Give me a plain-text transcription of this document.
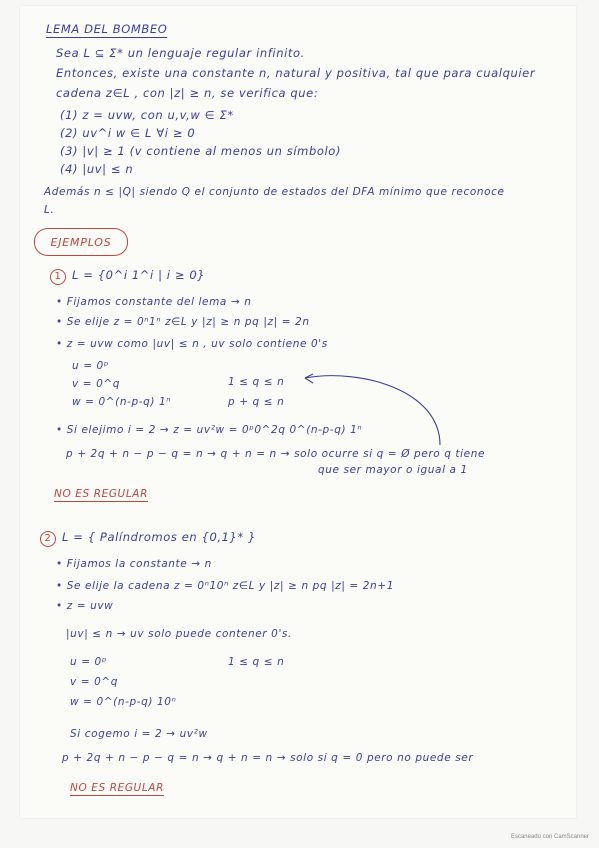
LEMA DEL BOMBEO
Sea L ⊆ Σ* un lenguaje regular infinito.
Entonces, existe una constante n, natural y positiva, tal que para cualquier
cadena z∈L , con |z| ≥ n, se verifica que:
(1) z = uvw, con u,v,w ∈ Σ*
(2) uv^i w ∈ L ∀i ≥ 0
(3) |v| ≥ 1 (v contiene al menos un símbolo)
(4) |uv| ≤ n
Además n ≤ |Q| siendo Q el conjunto de estados del DFA mínimo que reconoce
L.
EJEMPLOS
1 L = {0^i 1^i | i ≥ 0}
• Fijamos constante del lema → n
• Se elije z = 0ⁿ1ⁿ z∈L y |z| ≥ n pq |z| = 2n
• z = uvw como |uv| ≤ n , uv solo contiene 0's
u = 0ᵖ
v = 0^q
w = 0^(n-p-q) 1ⁿ
1 ≤ q ≤ n
p + q ≤ n
• Si elejimo i = 2 → z = uv²w = 0ᵖ0^2q 0^(n-p-q) 1ⁿ
p + 2q + n − p − q = n → q + n = n → solo ocurre si q = Ø pero q tiene
que ser mayor o igual a 1
NO ES REGULAR
2 L = { Palíndromos en {0,1}* }
• Fijamos la constante → n
• Se elije la cadena z = 0ⁿ10ⁿ z∈L y |z| ≥ n pq |z| = 2n+1
• z = uvw
|uv| ≤ n → uv solo puede contener 0's.
u = 0ᵖ
v = 0^q
w = 0^(n-p-q) 10ⁿ
1 ≤ q ≤ n
Si cogemo i = 2 → uv²w
p + 2q + n − p − q = n → q + n = n → solo si q = 0 pero no puede ser
NO ES REGULAR
Escaneado con CamScanner
